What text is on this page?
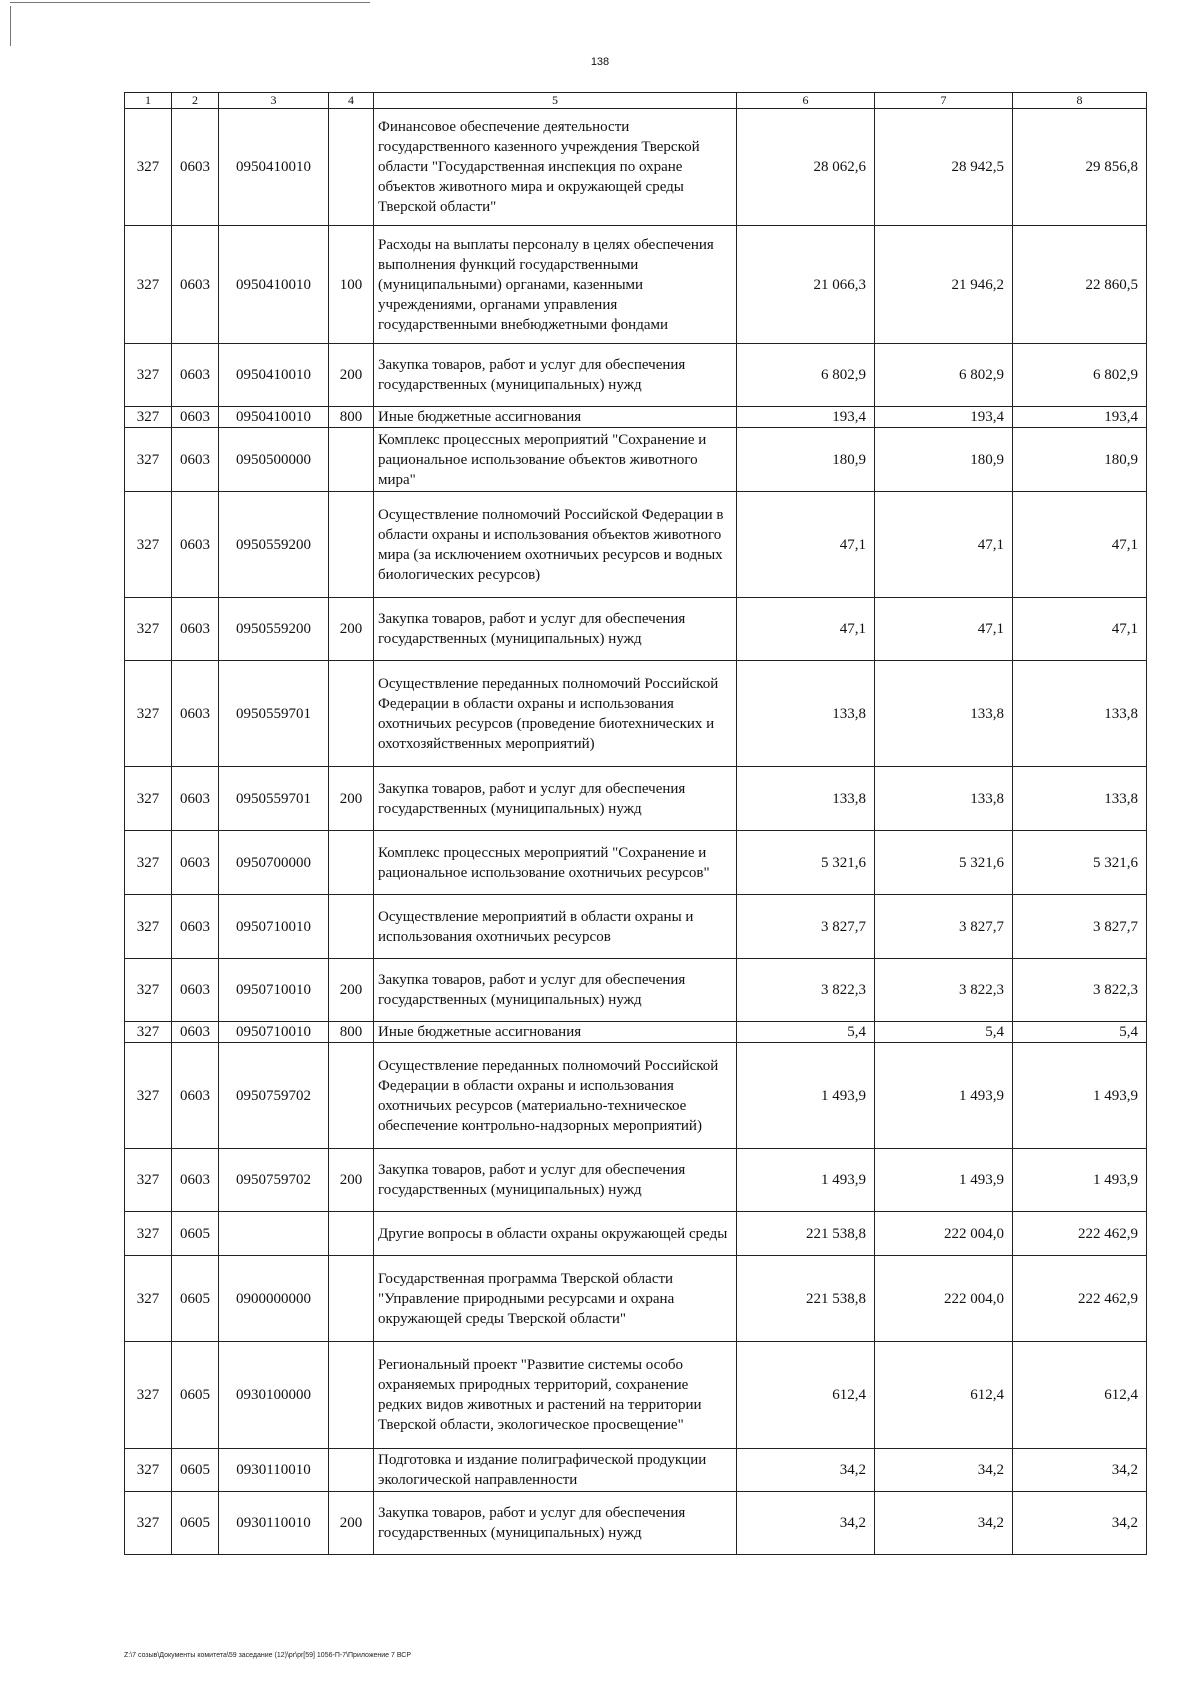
138
1	2	3	4	5	6	7	8
327	0603	0950410010		Финансовое обеспечение деятельности государственного казенного учреждения Тверской области "Государственная инспекция по охране объектов животного мира и окружающей среды Тверской области"	28 062,6	28 942,5	29 856,8
327	0603	0950410010	100	Расходы на выплаты персоналу в целях обеспечения выполнения функций государственными (муниципальными) органами, казенными учреждениями, органами управления государственными внебюджетными фондами	21 066,3	21 946,2	22 860,5
327	0603	0950410010	200	Закупка товаров, работ и услуг для обеспечения государственных (муниципальных) нужд	6 802,9	6 802,9	6 802,9
327	0603	0950410010	800	Иные бюджетные ассигнования	193,4	193,4	193,4
327	0603	0950500000		Комплекс процессных мероприятий "Сохранение и рациональное использование объектов животного мира"	180,9	180,9	180,9
327	0603	0950559200		Осуществление полномочий Российской Федерации в области охраны и использования объектов животного мира (за исключением охотничьих ресурсов и водных биологических ресурсов)	47,1	47,1	47,1
327	0603	0950559200	200	Закупка товаров, работ и услуг для обеспечения государственных (муниципальных) нужд	47,1	47,1	47,1
327	0603	0950559701		Осуществление переданных полномочий Российской Федерации в области охраны и использования охотничьих ресурсов (проведение биотехнических и охотхозяйственных мероприятий)	133,8	133,8	133,8
327	0603	0950559701	200	Закупка товаров, работ и услуг для обеспечения государственных (муниципальных) нужд	133,8	133,8	133,8
327	0603	0950700000		Комплекс процессных мероприятий "Сохранение и рациональное использование охотничьих ресурсов"	5 321,6	5 321,6	5 321,6
327	0603	0950710010		Осуществление мероприятий в области охраны и использования охотничьих ресурсов	3 827,7	3 827,7	3 827,7
327	0603	0950710010	200	Закупка товаров, работ и услуг для обеспечения государственных (муниципальных) нужд	3 822,3	3 822,3	3 822,3
327	0603	0950710010	800	Иные бюджетные ассигнования	5,4	5,4	5,4
327	0603	0950759702		Осуществление переданных полномочий Российской Федерации в области охраны и использования охотничьих ресурсов (материально-техническое обеспечение контрольно-надзорных мероприятий)	1 493,9	1 493,9	1 493,9
327	0603	0950759702	200	Закупка товаров, работ и услуг для обеспечения государственных (муниципальных) нужд	1 493,9	1 493,9	1 493,9
327	0605			Другие вопросы в области охраны окружающей среды	221 538,8	222 004,0	222 462,9
327	0605	0900000000		Государственная программа Тверской области "Управление природными ресурсами и охрана окружающей среды Тверской области"	221 538,8	222 004,0	222 462,9
327	0605	0930100000		Региональный проект "Развитие системы особо охраняемых природных территорий, сохранение редких видов животных и растений на территории Тверской области, экологическое просвещение"	612,4	612,4	612,4
327	0605	0930110010		Подготовка и издание полиграфической продукции экологической направленности	34,2	34,2	34,2
327	0605	0930110010	200	Закупка товаров, работ и услуг для обеспечения государственных (муниципальных) нужд	34,2	34,2	34,2
Z:\7 созыв\Документы комитета\59 заседание (12)\pr\pr[59] 1056-П-7\Приложение 7 ВСР
